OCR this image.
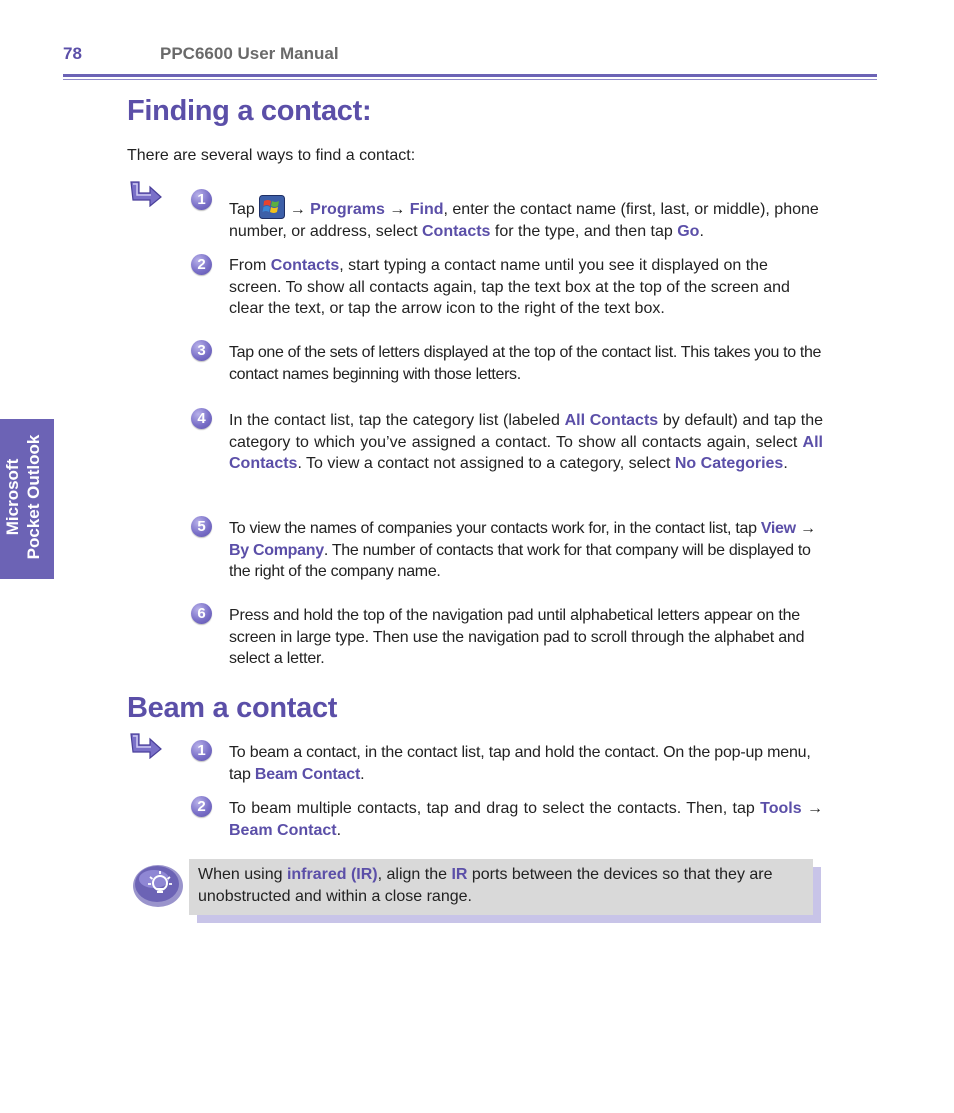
78	PPC6600 User Manual
Microsoft Pocket Outlook
Finding a contact:
There are several ways to find a contact:
1
Tap  → Programs → Find, enter the contact name (first, last, or middle), phone number, or address, select Contacts for the type, and then tap Go.
2	From Contacts, start typing a contact name until you see it displayed on the screen. To show all contacts again, tap the text box at the top of the screen and clear the text, or tap the arrow icon to the right of the text box.
3	Tap one of the sets of letters displayed at the top of the contact list. This takes you to the contact names beginning with those letters.
4	In the contact list, tap the category list (labeled All Contacts by default) and tap the category to which you’ve assigned a contact. To show all contacts again, select All Contacts. To view a contact not assigned to a category, select No Categories.
5	To view the names of companies your contacts work for, in the contact list, tap View → By Company. The number of contacts that work for that company will be displayed to the right of the company name.
6	Press and hold the top of the navigation pad until alphabetical letters appear on the screen in large type. Then use the navigation pad to scroll through the alphabet and select a letter.
Beam a contact
1	To beam a contact, in the contact list, tap and hold the contact. On the pop-up menu, tap Beam Contact.
2	To beam multiple contacts, tap and drag to select the contacts. Then, tap Tools → Beam Contact.
When using infrared (IR), align the IR ports between the devices so that they are unobstructed and within a close range.
